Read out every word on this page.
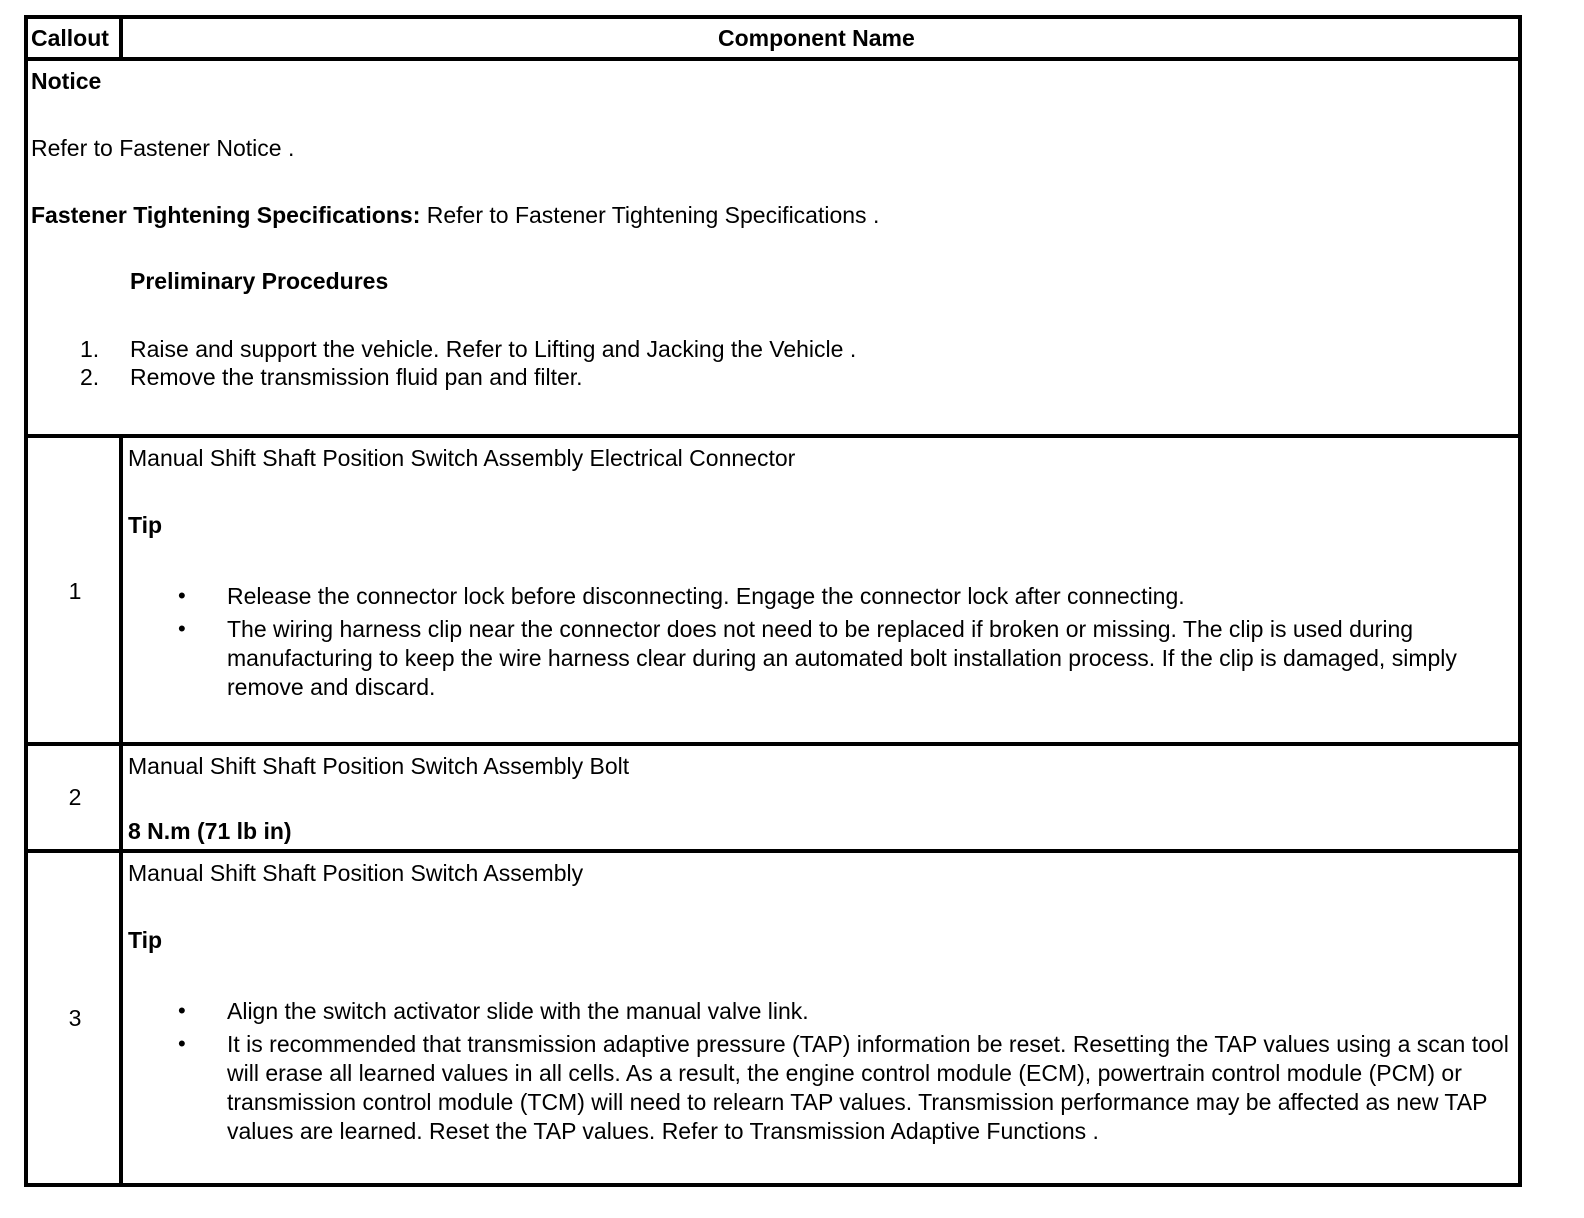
Callout	Component Name
Notice
Refer to Fastener Notice .
Fastener Tightening Specifications: Refer to Fastener Tightening Specifications .
Preliminary Procedures
1. Raise and support the vehicle. Refer to Lifting and Jacking the Vehicle .
2. Remove the transmission fluid pan and filter.
1
Manual Shift Shaft Position Switch Assembly Electrical Connector
Tip
• Release the connector lock before disconnecting. Engage the connector lock after connecting.
• The wiring harness clip near the connector does not need to be replaced if broken or missing. The clip is used during manufacturing to keep the wire harness clear during an automated bolt installation process. If the clip is damaged, simply remove and discard.
2
Manual Shift Shaft Position Switch Assembly Bolt
8 N.m (71 lb in)
3
Manual Shift Shaft Position Switch Assembly
Tip
• Align the switch activator slide with the manual valve link.
• It is recommended that transmission adaptive pressure (TAP) information be reset. Resetting the TAP values using a scan tool will erase all learned values in all cells. As a result, the engine control module (ECM), powertrain control module (PCM) or transmission control module (TCM) will need to relearn TAP values. Transmission performance may be affected as new TAP values are learned. Reset the TAP values. Refer to Transmission Adaptive Functions .
